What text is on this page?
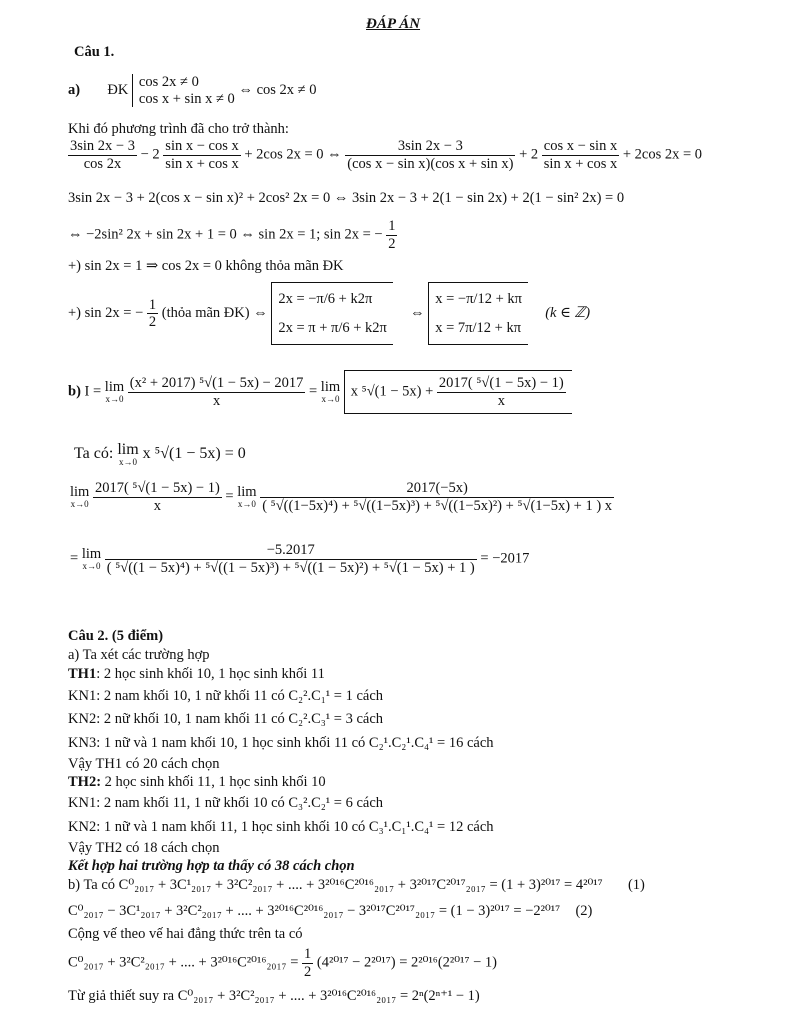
ĐÁP ÁN
Câu 1.
a) ĐK cos 2x ≠ 0
cos x + sin x ≠ 0
⇔ cos 2x ≠ 0
Khi đó phương trình đã cho trở thành:
$\frac{3\sin 2x - 3}{\cos 2x} - 2 \frac{\text{sin x − cos x}}{\text{sin x + cos x}} + 2\cos$ 2x = 0 ⇔ $\frac{3\sin 2x - 3}{\text{(cos x − sin x)(cos x + sin x)}} + 2 \frac{\text{cos x − sin x}}{\text{sin x + cos x}} + 2\cos$ 2x = 0
3sin 2x − 3 + 2(cos x − sin x)² + 2cos² 2x = 0 ⇔ 3sin 2x − 3 + 2(1 − sin 2x) + 2(1 − sin² 2x) = 0
⇔ −2sin² 2x + sin 2x + 1 = 0 ⇔ sin 2x = 1; sin 2x = − $\frac{1}{2}$
+) sin 2x = 1 ⇒ cos 2x = 0 không thỏa mãn ĐK
+) sin 2x = − $\frac{1}{2}$ (thỏa mãn ĐK) ⇔
2x = −π/6 + k2π
2x = π + π/6 + k2π
⇔
x = −π/12 + kπ
x = 7π/12 + kπ
(k ∈ ℤ)
b) I = lim
x→0
$\frac{\text{(x² + 2017) ⁵√(1 − 5x) − 2017}}{x} = \lim$
x→0 x $^5√(1 - 5x) + \frac{\text{2017( ⁵√(1 − 5x) − 1)}}{x}$
Ta có: lim
x→0 x ⁵√(1 − 5x) = 0
lim
x→0
$\frac{\text{2017( ⁵√(1 − 5x) − 1)}}{x} = \lim$
x→0
$\frac{2017(-5x)}{\text{( ⁵√((1−5x)⁴) + ⁵√((1−5x)³) + ⁵√((1−5x)²) + ⁵√(1−5x) + 1 ) x}}$
= lim
x→0

−5.2017
( ⁵√((1 − 5x)⁴) + ⁵√((1 − 5x)³) + ⁵√((1 − 5x)²) + ⁵√(1 − 5x) + 1 )
= −2017
Câu 2. (5 điểm)
a) Ta xét các trường hợp
TH1: 2 học sinh khối 10, 1 học sinh khối 11
KN1: 2 nam khối 10, 1 nữ khối 11 có C₂².C₁¹ = 1 cách
KN2: 2 nữ khối 10, 1 nam khối 11 có C₂².C₃¹ = 3 cách
KN3: 1 nữ và 1 nam khối 10, 1 học sinh khối 11 có C₂¹.C₂¹.C₄¹ = 16 cách
Vậy TH1 có 20 cách chọn
TH2: 2 học sinh khối 11, 1 học sinh khối 10
KN1: 2 nam khối 11, 1 nữ khối 10 có C₃².C₂¹ = 6 cách
KN2: 1 nữ và 1 nam khối 11, 1 học sinh khối 10 có C₃¹.C₁¹.C₄¹ = 12 cách
Vậy TH2 có 18 cách chọn
Kết hợp hai trường hợp ta thấy có 38 cách chọn
b) Ta có C⁰₂₀₁₇ + 3C¹₂₀₁₇ + 3²C²₂₀₁₇ + .... + 3²⁰¹⁶C²⁰¹⁶₂₀₁₇ + 3²⁰¹⁷C²⁰¹⁷₂₀₁₇ = (1 + 3)²⁰¹⁷ = 4²⁰¹⁷ (1)
C⁰₂₀₁₇ − 3C¹₂₀₁₇ + 3²C²₂₀₁₇ + .... + 3²⁰¹⁶C²⁰¹⁶₂₀₁₇ − 3²⁰¹⁷C²⁰¹⁷₂₀₁₇ = (1 − 3)²⁰¹⁷ = −2²⁰¹⁷ (2)
Cộng vế theo vế hai đẳng thức trên ta có
C⁰₂₀₁₇ + 3²C²₂₀₁₇ + .... + $3^{2016}C^{2016}_{2017} = \frac{1}{2} (4^{2017} - 2^{2017}) = 2^{2016}(2^{2017} - 1)$
Từ giả thiết suy ra C⁰₂₀₁₇ + 3²C²₂₀₁₇ + .... + 3²⁰¹⁶C²⁰¹⁶₂₀₁₇ = 2ⁿ(2ⁿ⁺¹ − 1)
